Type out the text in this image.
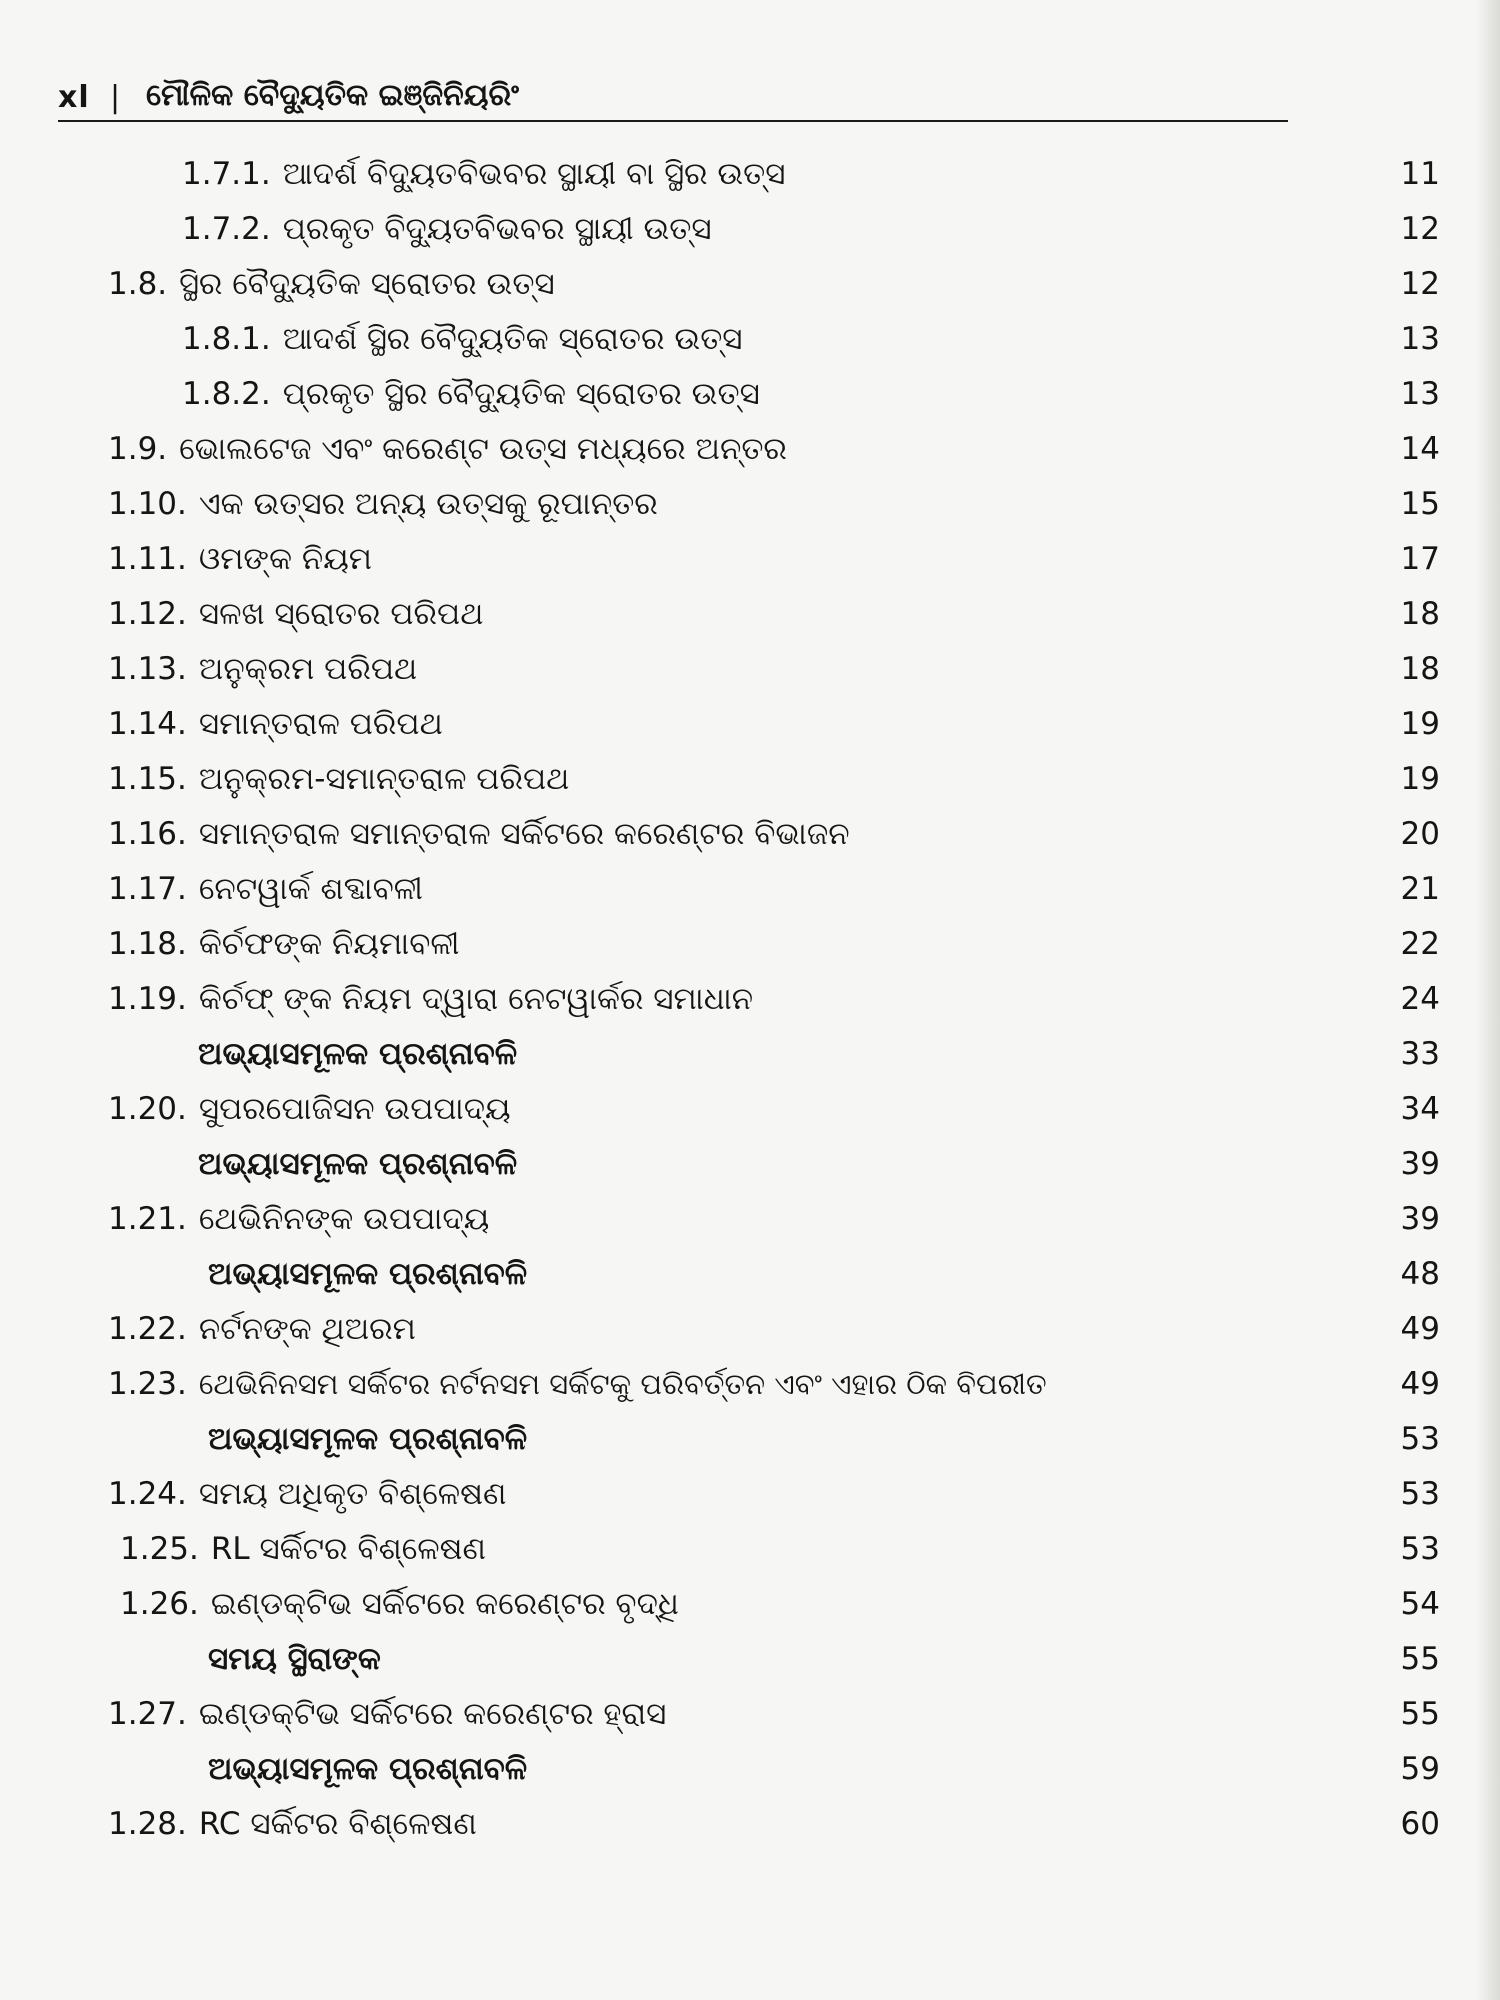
xl | ମୌଳିକ ବୈଦ୍ୟୁତିକ ଇଞ୍ଜିନିୟରିଂ
1.7.1. ଆଦର୍ଶ ବିଦ୍ୟୁତବିଭବର ସ୍ଥାୟୀ ବା ସ୍ଥିର ଉତ୍ସ	11
1.7.2. ପ୍ରକୃତ ବିଦ୍ୟୁତବିଭବର ସ୍ଥାୟୀ ଉତ୍ସ	12
1.8. ସ୍ଥିର ବୈଦ୍ୟୁତିକ ସ୍ରୋତର ଉତ୍ସ	12
1.8.1. ଆଦର୍ଶ ସ୍ଥିର ବୈଦ୍ୟୁତିକ ସ୍ରୋତର ଉତ୍ସ	13
1.8.2. ପ୍ରକୃତ ସ୍ଥିର ବୈଦ୍ୟୁତିକ ସ୍ରୋତର ଉତ୍ସ	13
1.9. ଭୋଲଟେଜ ଏବଂ କରେଣ୍ଟ ଉତ୍ସ ମଧ୍ୟରେ ଅନ୍ତର	14
1.10. ଏକ ଉତ୍ସର ଅନ୍ୟ ଉତ୍ସକୁ ରୂପାନ୍ତର	15
1.11. ଓମଙ୍କ ନିୟମ	17
1.12. ସଳଖ ସ୍ରୋତର ପରିପଥ	18
1.13. ଅନୁକ୍ରମ ପରିପଥ	18
1.14. ସମାନ୍ତରାଳ ପରିପଥ	19
1.15. ଅନୁକ୍ରମ-ସମାନ୍ତରାଳ ପରିପଥ	19
1.16. ସମାନ୍ତରାଳ ସମାନ୍ତରାଳ ସର୍କିଟରେ କରେଣ୍ଟର ବିଭାଜନ	20
1.17. ନେଟୱାର୍କ ଶବ୍ଦାବଳୀ	21
1.18. କିର୍ଚଫଙ୍କ ନିୟମାବଳୀ	22
1.19. କିର୍ଚଫ୍ ଙ୍କ ନିୟମ ଦ୍ୱାରା ନେଟୱାର୍କର ସମାଧାନ	24
ଅଭ୍ୟାସମୂଳକ ପ୍ରଶ୍ନାବଳି	33
1.20. ସୁପରପୋଜିସନ ଉପପାଦ୍ୟ	34
ଅଭ୍ୟାସମୂଳକ ପ୍ରଶ୍ନାବଳି	39
1.21. ଥେଭିନିନଙ୍କ ଉପପାଦ୍ୟ	39
ଅଭ୍ୟାସମୂଳକ ପ୍ରଶ୍ନାବଳି	48
1.22. ନର୍ଟନଙ୍କ ଥିଅରମ	49
1.23. ଥେଭିନିନସମ ସର୍କିଟର ନର୍ଟନସମ ସର୍କିଟକୁ ପରିବର୍ତ୍ତନ ଏବଂ ଏହାର ଠିକ ବିପରୀତ	49
ଅଭ୍ୟାସମୂଳକ ପ୍ରଶ୍ନାବଳି	53
1.24. ସମୟ ଅଧିକୃତ ବିଶ୍ଳେଷଣ	53
1.25. RL ସର୍କିଟର ବିଶ୍ଳେଷଣ	53
1.26. ଇଣ୍ଡକ୍ଟିଭ ସର୍କିଟରେ କରେଣ୍ଟର ବୃଦ୍ଧି	54
ସମୟ ସ୍ଥିରାଙ୍କ	55
1.27. ଇଣ୍ଡକ୍ଟିଭ ସର୍କିଟରେ କରେଣ୍ଟର ହ୍ରାସ	55
ଅଭ୍ୟାସମୂଳକ ପ୍ରଶ୍ନାବଳି	59
1.28. RC ସର୍କିଟର ବିଶ୍ଳେଷଣ	60
